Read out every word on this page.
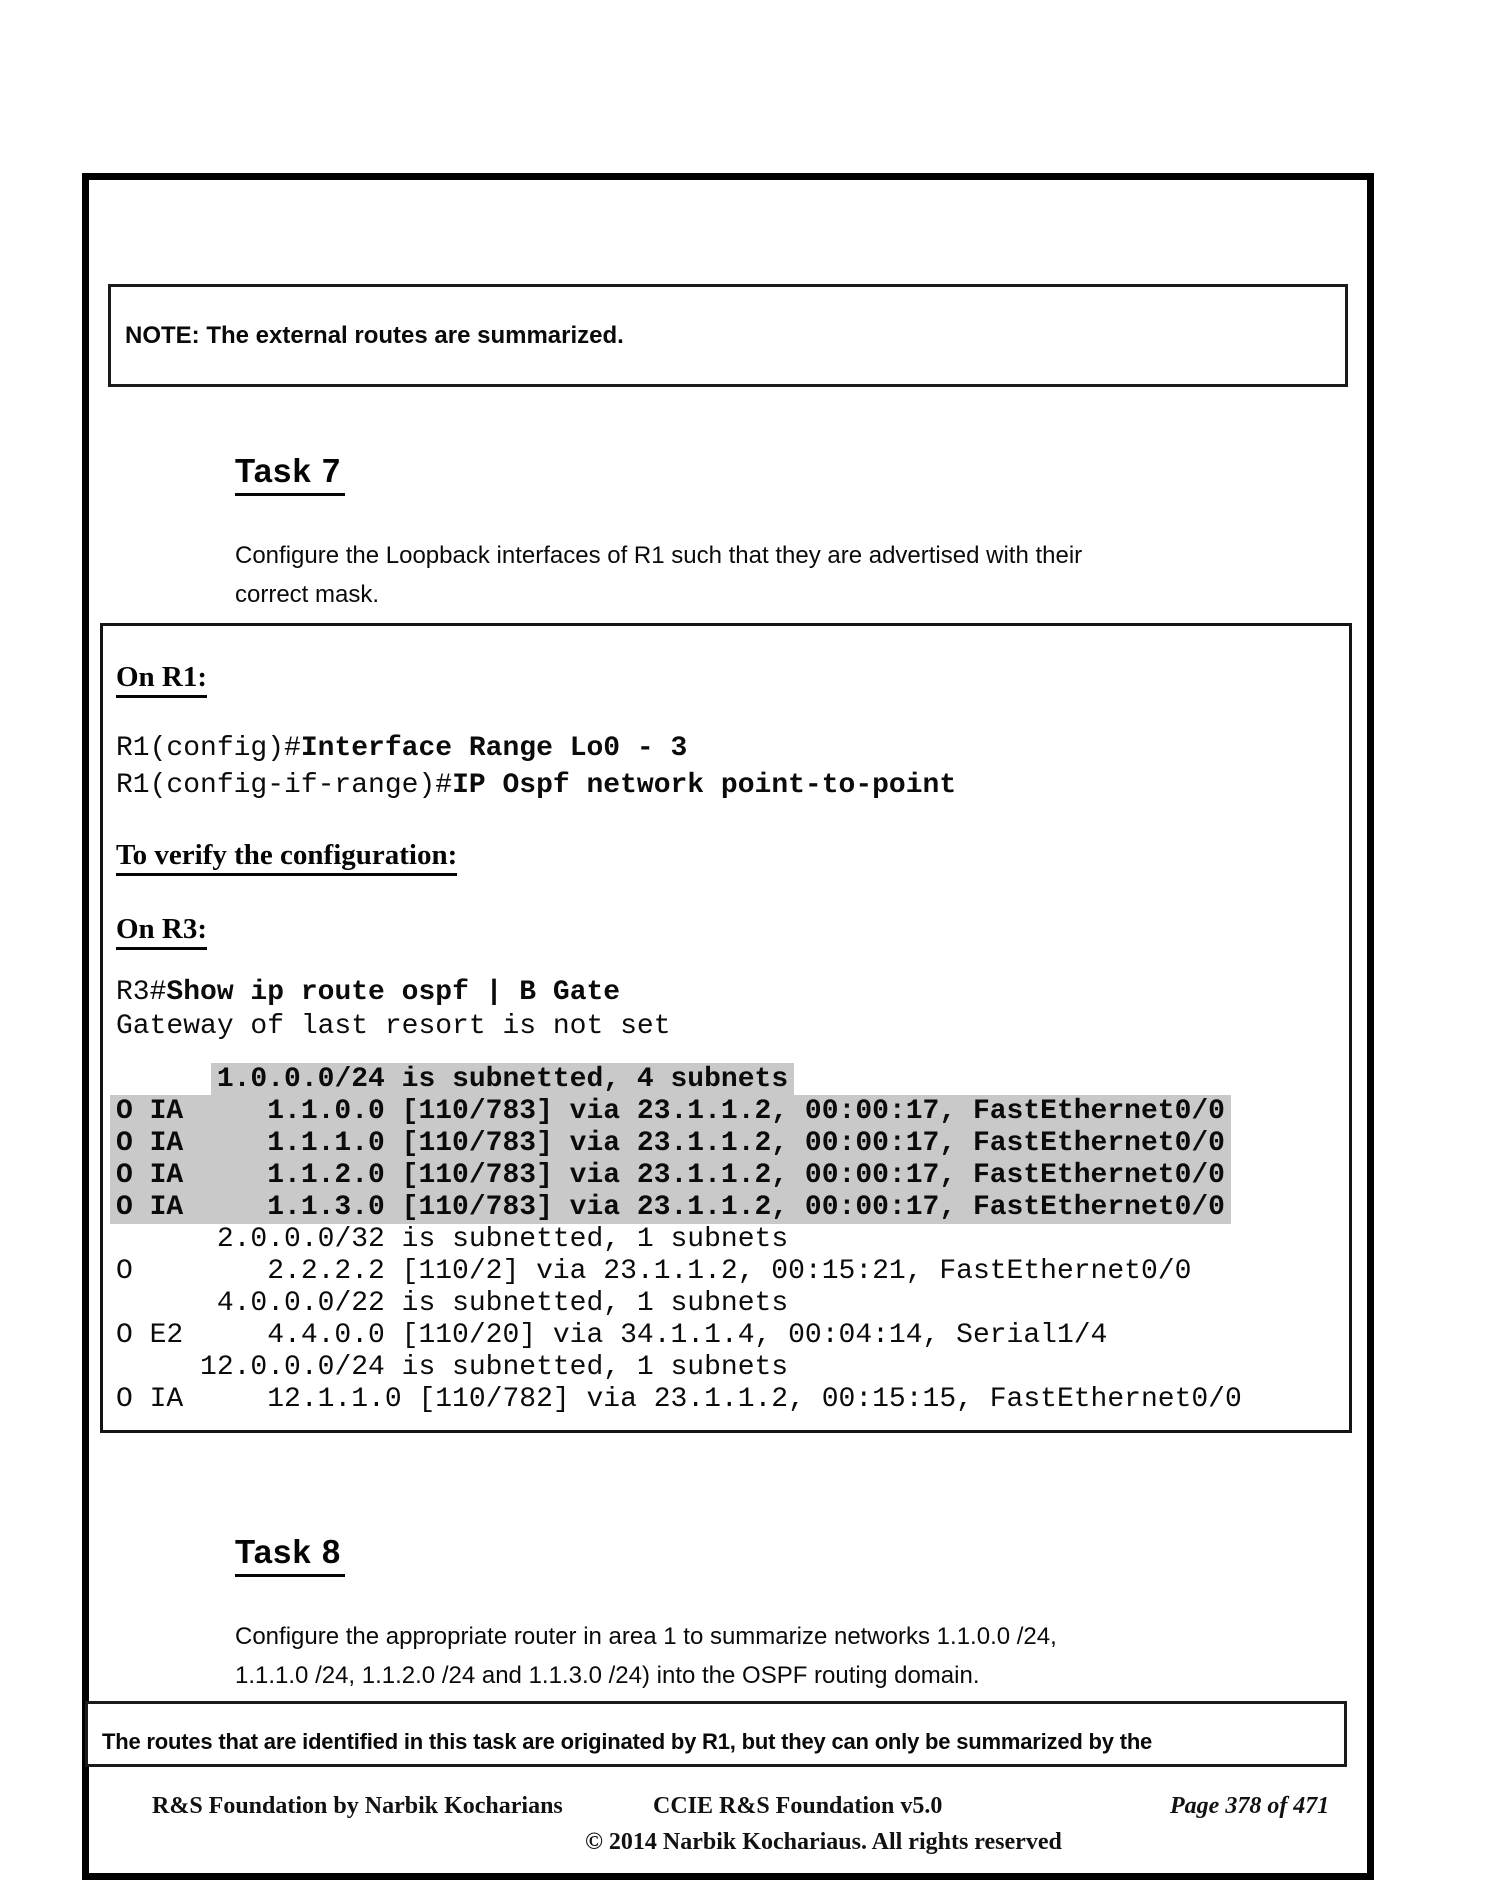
NOTE: The external routes are summarized.
Task 7

Configure the Loopback interfaces of R1 such that they are advertised with their correct mask.

On R1:
R1(config)#Interface Range Lo0 - 3
R1(config-if-range)#IP Ospf network point-to-point
To verify the configuration:
On R3:
R3#Show ip route ospf | B Gate
Gateway of last resort is not set
1.0.0.0/24 is subnetted, 4 subnets
O IA     1.1.0.0 [110/783] via 23.1.1.2, 00:00:17, FastEthernet0/0
O IA     1.1.1.0 [110/783] via 23.1.1.2, 00:00:17, FastEthernet0/0
O IA     1.1.2.0 [110/783] via 23.1.1.2, 00:00:17, FastEthernet0/0
O IA     1.1.3.0 [110/783] via 23.1.1.2, 00:00:17, FastEthernet0/0
2.0.0.0/32 is subnetted, 1 subnets
O        2.2.2.2 [110/2] via 23.1.1.2, 00:15:21, FastEthernet0/0
4.0.0.0/22 is subnetted, 1 subnets
O E2     4.4.0.0 [110/20] via 34.1.1.4, 00:04:14, Serial1/4
12.0.0.0/24 is subnetted, 1 subnets
O IA     12.1.1.0 [110/782] via 23.1.1.2, 00:15:15, FastEthernet0/0
Task 8

Configure the appropriate router in area 1 to summarize networks 1.1.0.0 /24, 1.1.1.0 /24, 1.1.2.0 /24 and 1.1.3.0 /24) into the OSPF routing domain.

The routes that are identified in this task are originated by R1, but they can only be summarized by the
R&S Foundation by Narbik Kocharians	CCIE R&S Foundation v5.0	Page 378 of 471
© 2014 Narbik Kochariaus. All rights reserved
